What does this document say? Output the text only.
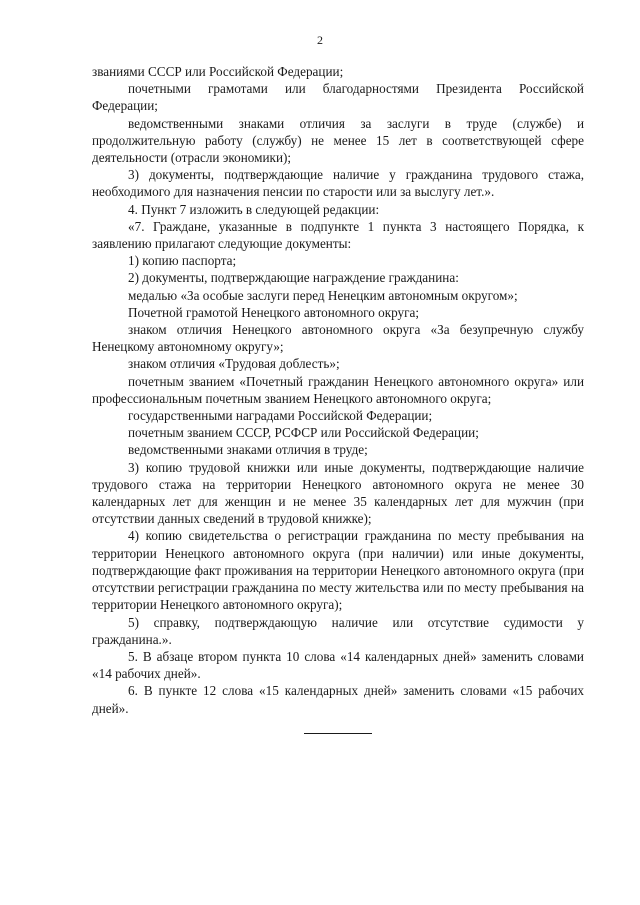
2

званиями СССР или Российской Федерации;

почетными грамотами или благодарностями Президента Российской Федерации;

ведомственными знаками отличия за заслуги в труде (службе) и продолжительную работу (службу) не менее 15 лет в соответствующей сфере деятельности (отрасли экономики);

3) документы, подтверждающие наличие у гражданина трудового стажа, необходимого для назначения пенсии по старости или за выслугу лет.».

4. Пункт 7 изложить в следующей редакции:

«7. Граждане, указанные в подпункте 1 пункта 3 настоящего Порядка, к заявлению прилагают следующие документы:

1) копию паспорта;

2) документы, подтверждающие награждение гражданина:

медалью «За особые заслуги перед Ненецким автономным округом»;

Почетной грамотой Ненецкого автономного округа;

знаком отличия Ненецкого автономного округа «За безупречную службу Ненецкому автономному округу»;

знаком отличия «Трудовая доблесть»;

почетным званием «Почетный гражданин Ненецкого автономного округа» или профессиональным почетным званием Ненецкого автономного округа;

государственными наградами Российской Федерации;

почетным званием СССР, РСФСР или Российской Федерации;

ведомственными знаками отличия в труде;

3) копию трудовой книжки или иные документы, подтверждающие наличие трудового стажа на территории Ненецкого автономного округа не менее 30 календарных лет для женщин и не менее 35 календарных лет для мужчин (при отсутствии данных сведений в трудовой книжке);

4) копию свидетельства о регистрации гражданина по месту пребывания на территории Ненецкого автономного округа (при наличии) или иные документы, подтверждающие факт проживания на территории Ненецкого автономного округа (при отсутствии регистрации гражданина по месту жительства или по месту пребывания на территории Ненецкого автономного округа);

5) справку, подтверждающую наличие или отсутствие судимости у гражданина.».

5. В абзаце втором пункта 10 слова «14 календарных дней» заменить словами «14 рабочих дней».

6. В пункте 12 слова «15 календарных дней» заменить словами «15 рабочих дней».
